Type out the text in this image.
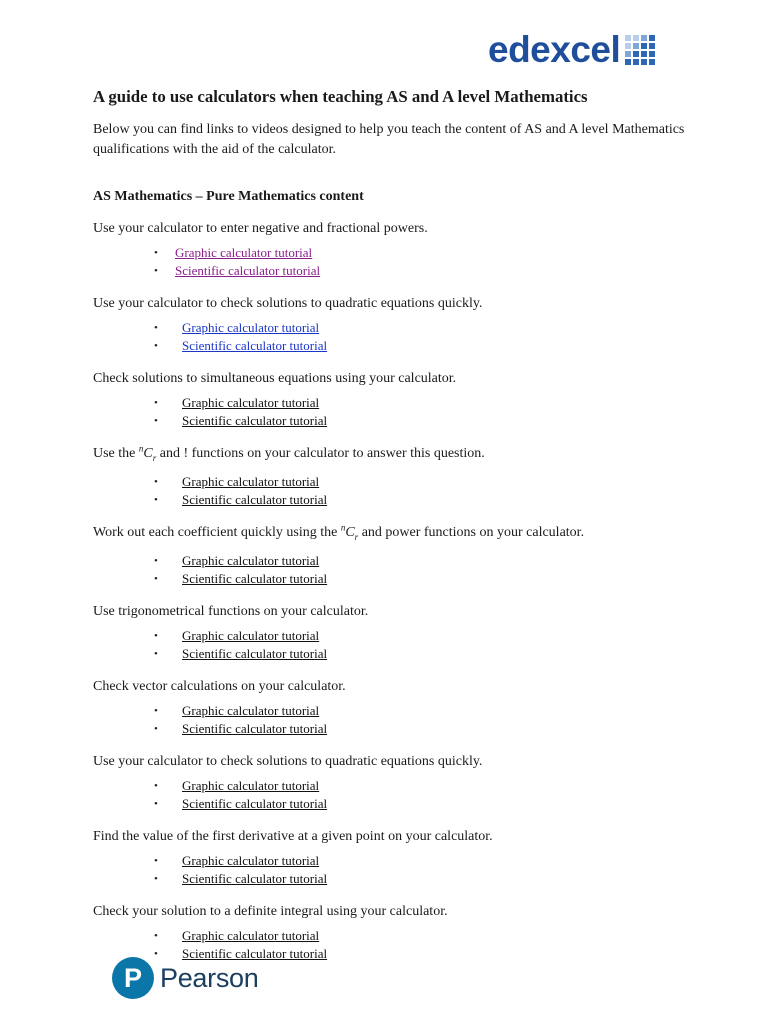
edexcel
A guide to use calculators when teaching AS and A level Mathematics

Below you can find links to videos designed to help you teach the content of AS and A level Mathematics qualifications with the aid of the calculator.

AS Mathematics – Pure Mathematics content

Use your calculator to enter negative and fractional powers.

• Graphic calculator tutorial
• Scientific calculator tutorial

Use your calculator to check solutions to quadratic equations quickly.

• Graphic calculator tutorial
• Scientific calculator tutorial

Check solutions to simultaneous equations using your calculator.

• Graphic calculator tutorial
• Scientific calculator tutorial

Use the $^nC_r$ and ! functions on your calculator to answer this question.

• Graphic calculator tutorial
• Scientific calculator tutorial

Work out each coefficient quickly using the $^nC_r$ and power functions on your calculator.

• Graphic calculator tutorial
• Scientific calculator tutorial

Use trigonometrical functions on your calculator.

• Graphic calculator tutorial
• Scientific calculator tutorial

Check vector calculations on your calculator.

• Graphic calculator tutorial
• Scientific calculator tutorial

Use your calculator to check solutions to quadratic equations quickly.

• Graphic calculator tutorial
• Scientific calculator tutorial

Find the value of the first derivative at a given point on your calculator.

• Graphic calculator tutorial
• Scientific calculator tutorial

Check your solution to a definite integral using your calculator.

• Graphic calculator tutorial
• Scientific calculator tutorial
P Pearson
